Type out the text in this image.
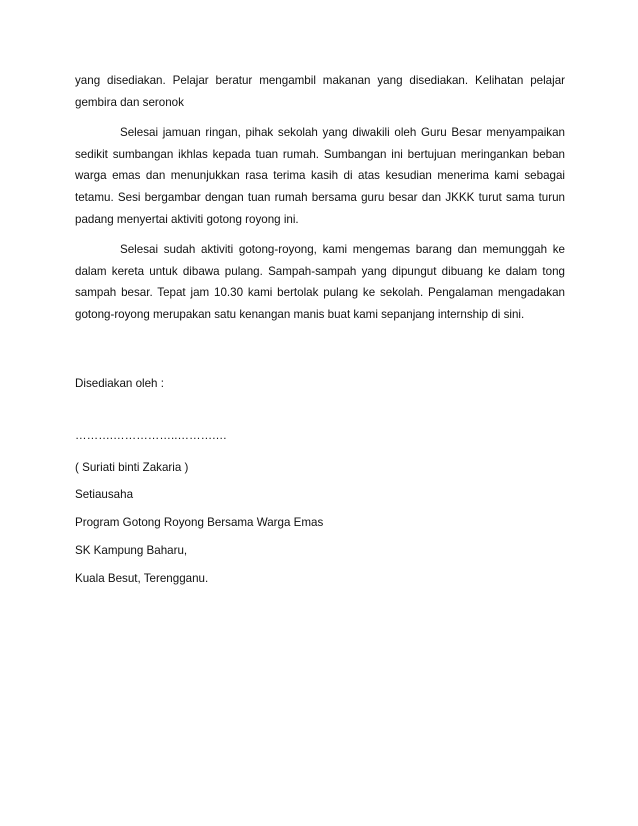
yang disediakan. Pelajar beratur mengambil makanan yang disediakan. Kelihatan pelajar gembira dan seronok

Selesai jamuan ringan, pihak sekolah yang diwakili oleh Guru Besar menyampaikan sedikit sumbangan ikhlas kepada tuan rumah. Sumbangan ini bertujuan meringankan beban warga emas dan menunjukkan rasa terima kasih di atas kesudian menerima kami sebagai tetamu. Sesi bergambar dengan tuan rumah bersama guru besar dan JKKK turut sama turun padang menyertai aktiviti gotong royong ini.

Selesai sudah aktiviti gotong-royong, kami mengemas barang dan memunggah ke dalam kereta untuk dibawa pulang. Sampah-sampah yang dipungut dibuang ke dalam tong sampah besar. Tepat jam 10.30 kami bertolak pulang ke sekolah. Pengalaman mengadakan gotong-royong merupakan satu kenangan manis buat kami sepanjang internship di sini.

Disediakan oleh :

……….……………..……….…

( Suriati binti Zakaria )

Setiausaha

Program Gotong Royong Bersama Warga Emas

SK Kampung Baharu,

Kuala Besut, Terengganu.
